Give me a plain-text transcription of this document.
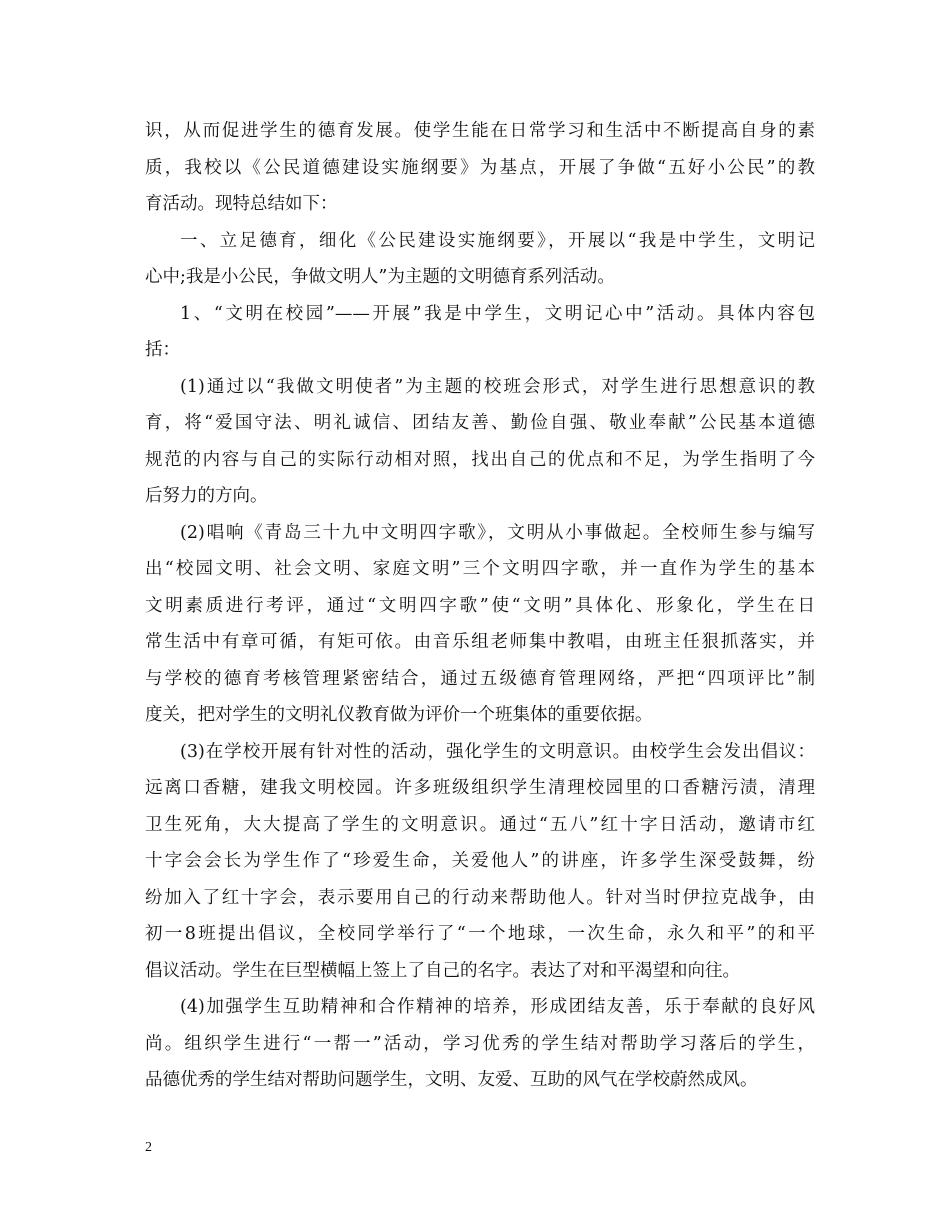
识，从而促进学生的德育发展。使学生能在日常学习和生活中不断提高自身的素
质，我校以《公民道德建设实施纲要》为基点，开展了争做“五好小公民”的教
育活动。现特总结如下：
一、立足德育，细化《公民建设实施纲要》，开展以“我是中学生，文明记
心中;我是小公民，争做文明人”为主题的文明德育系列活动。
1、“文明在校园”——开展”我是中学生，文明记心中”活动。具体内容包
括：
(1)通过以“我做文明使者”为主题的校班会形式，对学生进行思想意识的教
育，将“爱国守法、明礼诚信、团结友善、勤俭自强、敬业奉献”公民基本道德
规范的内容与自己的实际行动相对照，找出自己的优点和不足，为学生指明了今
后努力的方向。
(2)唱响《青岛三十九中文明四字歌》，文明从小事做起。全校师生参与编写
出“校园文明、社会文明、家庭文明”三个文明四字歌，并一直作为学生的基本
文明素质进行考评，通过“文明四字歌”使“文明”具体化、形象化，学生在日
常生活中有章可循，有矩可依。由音乐组老师集中教唱，由班主任狠抓落实，并
与学校的德育考核管理紧密结合，通过五级德育管理网络，严把“四项评比”制
度关，把对学生的文明礼仪教育做为评价一个班集体的重要依据。
(3)在学校开展有针对性的活动，强化学生的文明意识。由校学生会发出倡议：
远离口香糖，建我文明校园。许多班级组织学生清理校园里的口香糖污渍，清理
卫生死角，大大提高了学生的文明意识。通过“五八”红十字日活动，邀请市红
十字会会长为学生作了“珍爱生命，关爱他人”的讲座，许多学生深受鼓舞，纷
纷加入了红十字会，表示要用自己的行动来帮助他人。针对当时伊拉克战争，由
初一8班提出倡议，全校同学举行了“一个地球，一次生命，永久和平”的和平
倡议活动。学生在巨型横幅上签上了自己的名字。表达了对和平渴望和向往。
(4)加强学生互助精神和合作精神的培养，形成团结友善，乐于奉献的良好风
尚。组织学生进行“一帮一”活动，学习优秀的学生结对帮助学习落后的学生，
品德优秀的学生结对帮助问题学生，文明、友爱、互助的风气在学校蔚然成风。
2
